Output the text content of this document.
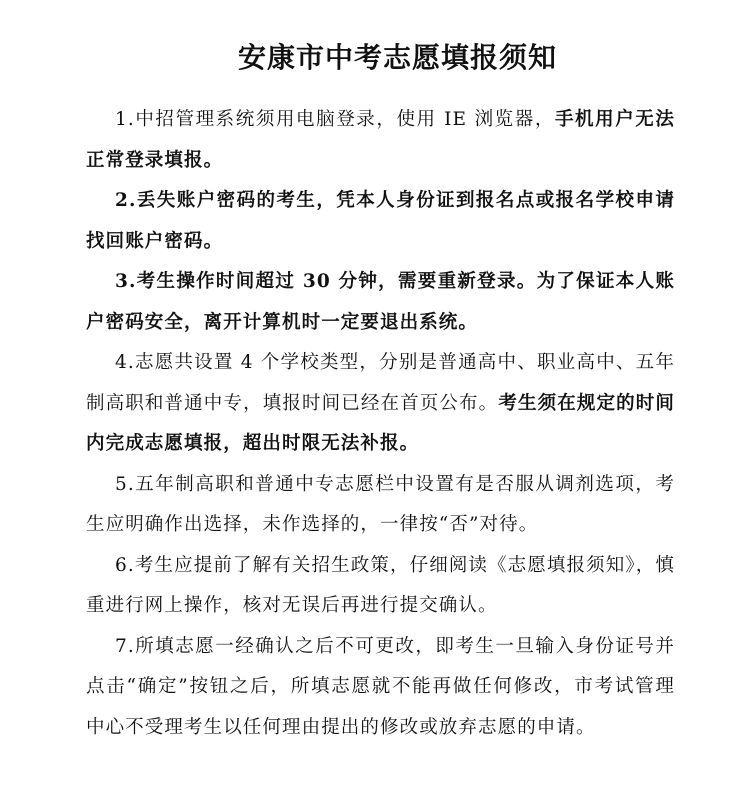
安康市中考志愿填报须知

1.中招管理系统须用电脑登录，使用 IE 浏览器，手机用户无法正常登录填报。

2.丢失账户密码的考生，凭本人身份证到报名点或报名学校申请找回账户密码。

3.考生操作时间超过 30 分钟，需要重新登录。为了保证本人账户密码安全，离开计算机时一定要退出系统。

4.志愿共设置 4 个学校类型，分别是普通高中、职业高中、五年制高职和普通中专，填报时间已经在首页公布。考生须在规定的时间内完成志愿填报，超出时限无法补报。

5.五年制高职和普通中专志愿栏中设置有是否服从调剂选项，考生应明确作出选择，未作选择的，一律按“否”对待。

6.考生应提前了解有关招生政策，仔细阅读《志愿填报须知》，慎重进行网上操作，核对无误后再进行提交确认。

7.所填志愿一经确认之后不可更改，即考生一旦输入身份证号并点击“确定”按钮之后，所填志愿就不能再做任何修改，市考试管理中心不受理考生以任何理由提出的修改或放弃志愿的申请。
